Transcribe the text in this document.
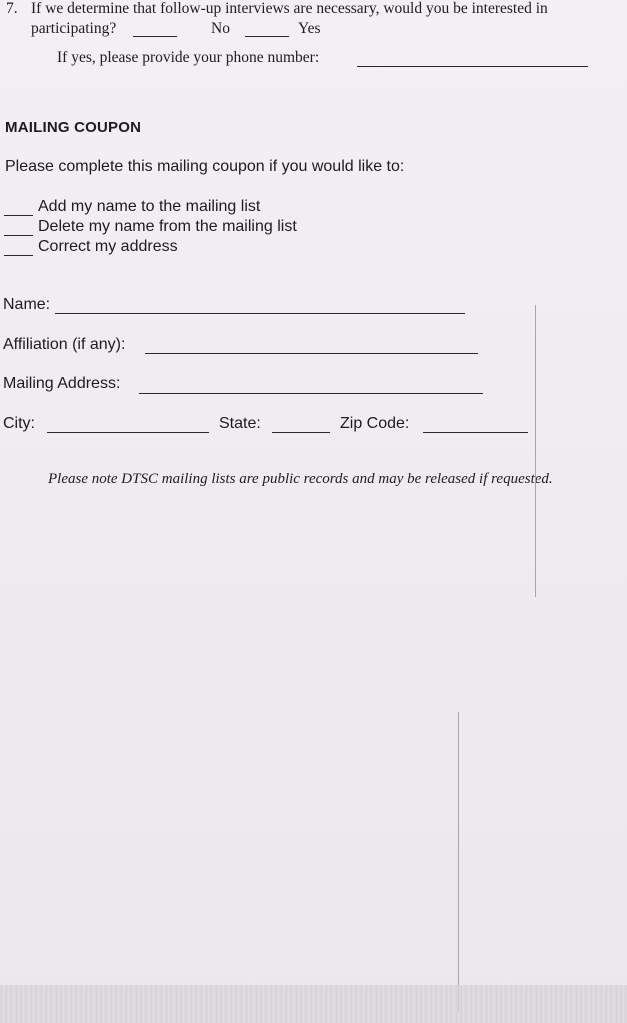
7. If we determine that follow-up interviews are necessary, would you be interested in
participating?	No	Yes
If yes, please provide your phone number:
MAILING COUPON
Please complete this mailing coupon if you would like to:
Add my name to the mailing list
Delete my name from the mailing list
Correct my address
Name:
Affiliation (if any):
Mailing Address:
City:	State:	Zip Code:
Please note DTSC mailing lists are public records and may be released if requested.
